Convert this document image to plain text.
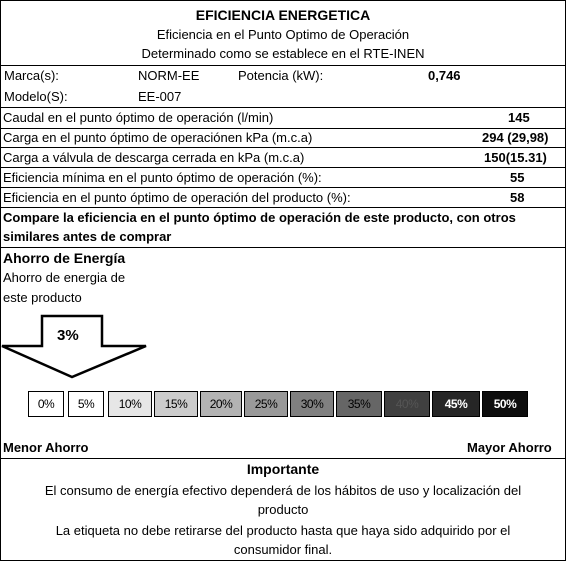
EFICIENCIA ENERGETICA
Eficiencia en el Punto Optimo de Operación
Determinado como se establece en el RTE-INEN
Marca(s):	NORM-EE	Potencia (kW):	0,746
Modelo(S):	EE-007
Caudal en el punto óptimo de operación (l/min)	145
Carga en el punto óptimo de operaciónen kPa (m.c.a)	294 (29,98)
Carga a válvula de descarga cerrada en kPa (m.c.a)	150(15.31)
Eficiencia mínima en el punto óptimo de operación (%):	55
Eficiencia en el punto óptimo de operación del producto (%):	58
Compare la eficiencia en el punto óptimo de operación de este producto, con otros
similares antes de comprar
Ahorro de Energía
Ahorro de energia de
este producto
3%
0%	5%	10%	15%	20%	25%	30%	35%	40%	45%	50%
Menor Ahorro	Mayor Ahorro
Importante
El consumo de energía efectivo dependerá de los hábitos de uso y localización del
producto
La etiqueta no debe retirarse del producto hasta que haya sido adquirido por el
consumidor final.
